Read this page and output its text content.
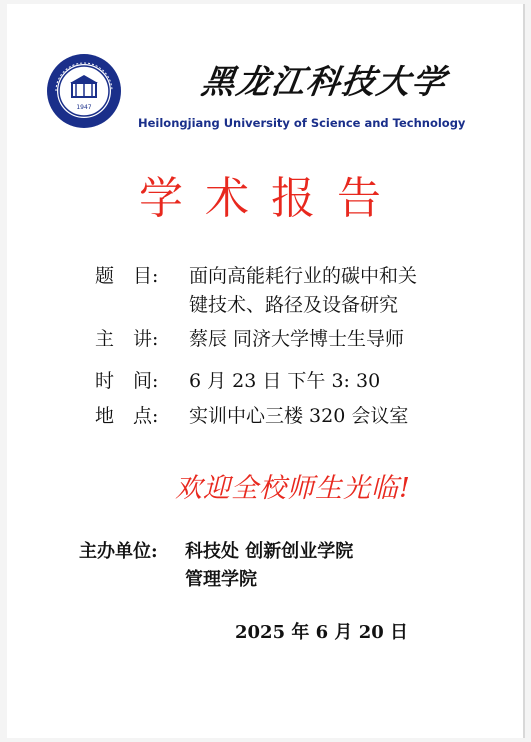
1947
黑龙江科技大学
Heilongjiang University of Science and Technology
学术报告
题　目: 面向高能耗行业的碳中和关
键技术、路径及设备研究
主　讲: 蔡辰 同济大学博士生导师
时　间: 6 月 23 日 下午 3: 30
地　点: 实训中心三楼 320 会议室
欢迎全校师生光临!
主办单位: 科技处 创新创业学院
管理学院
2025 年 6 月 20 日
